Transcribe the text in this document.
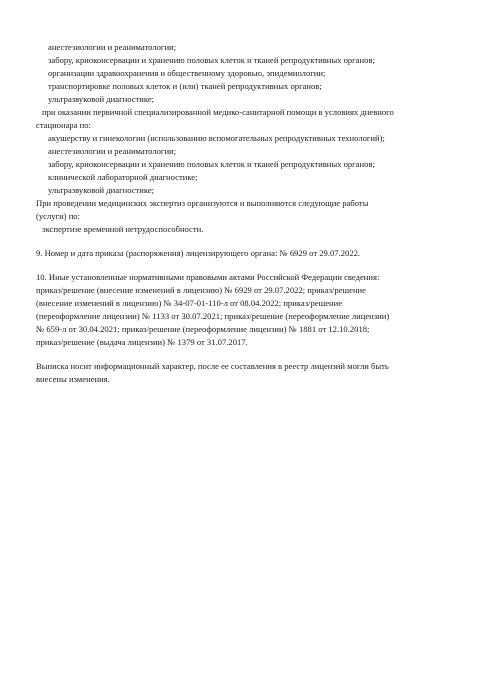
анестезиологии и реаниматологии;
забору, криоконсервации и хранению половых клеток и тканей репродуктивных органов;
организации здравоохранения и общественному здоровью, эпидемиологии;
транспортировке половых клеток и (или) тканей репродуктивных органов;
ультразвуковой диагностике;
при оказании первичной специализированной медико-санитарной помощи в условиях дневного
стационара по:
акушерству и гинекологии (использованию вспомогательных репродуктивных технологий);
анестезиологии и реаниматологии;
забору, криоконсервации и хранению половых клеток и тканей репродуктивных органов;
клинической лабораторной диагностике;
ультразвуковой диагностике;
При проведении медицинских экспертиз организуются и выполняются следующие работы
(услуги) по:
экспертизе временной нетрудоспособности.
9. Номер и дата приказа (распоряжения) лицензирующего органа: № 6929 от 29.07.2022.
10. Иные установленные нормативными правовыми актами Российской Федерации сведения:
приказ/решение (внесение изменений в лицензию) № 6929 от 29.07.2022; приказ/решение
(внесение изменений в лицензию) № 34-07-01-110-л от 08.04.2022; приказ/решение
(переоформление лицензии) № 1133 от 30.07.2021; приказ/решение (переоформление лицензии)
№ 659-л от 30.04.2021; приказ/решение (переоформление лицензии) № 1881 от 12.10.2018;
приказ/решение (выдача лицензии) № 1379 от 31.07.2017.
Выписка носит информационный характер, после ее составления в реестр лицензий могли быть
внесены изменения.
